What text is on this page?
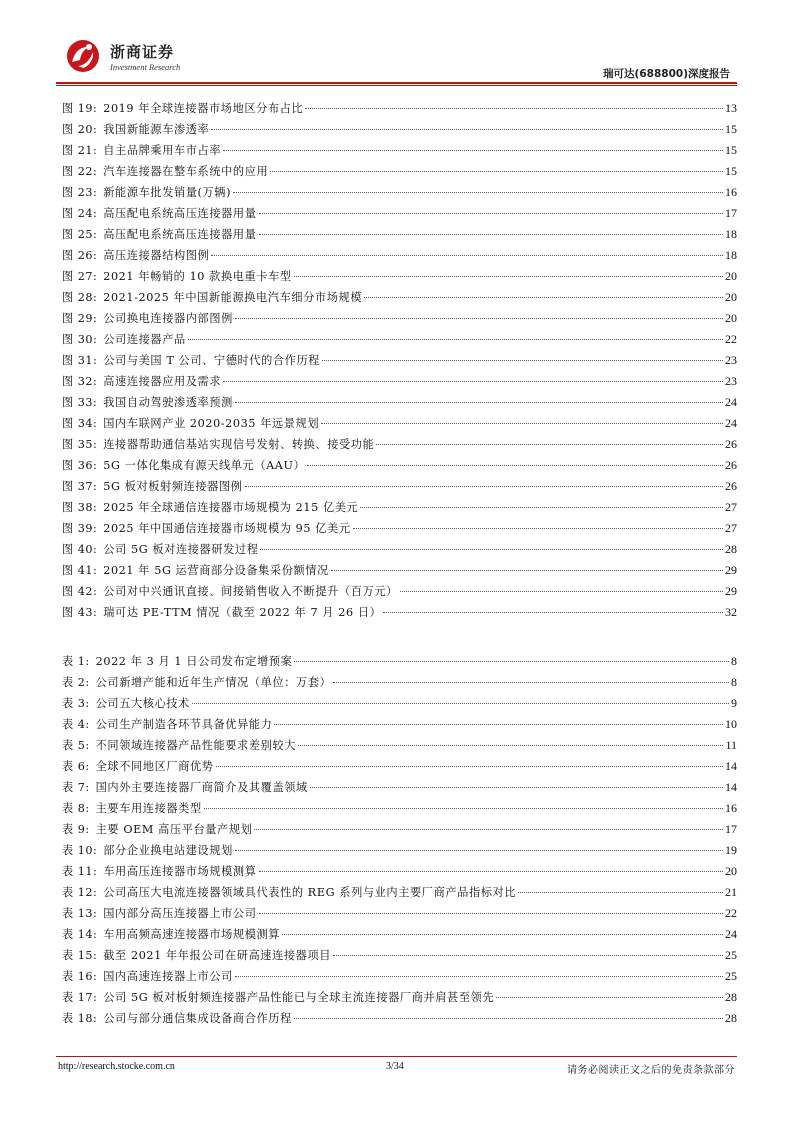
浙商证券
Investment Research
瑞可达(688800)深度报告
图 19: 2019 年全球连接器市场地区分布占比	13
图 20: 我国新能源车渗透率	15
图 21: 自主品牌乘用车市占率	15
图 22: 汽车连接器在整车系统中的应用	15
图 23: 新能源车批发销量(万辆)	16
图 24: 高压配电系统高压连接器用量	17
图 25: 高压配电系统高压连接器用量	18
图 26: 高压连接器结构图例	18
图 27: 2021 年畅销的 10 款换电重卡车型	20
图 28: 2021-2025 年中国新能源换电汽车细分市场规模	20
图 29: 公司换电连接器内部图例	20
图 30: 公司连接器产品	22
图 31: 公司与美国 T 公司、宁德时代的合作历程	23
图 32: 高速连接器应用及需求	23
图 33: 我国自动驾驶渗透率预测	24
图 34: 国内车联网产业 2020-2035 年远景规划	24
图 35: 连接器帮助通信基站实现信号发射、转换、接受功能	26
图 36: 5G 一体化集成有源天线单元（AAU）	26
图 37: 5G 板对板射频连接器图例	26
图 38: 2025 年全球通信连接器市场规模为 215 亿美元	27
图 39: 2025 年中国通信连接器市场规模为 95 亿美元	27
图 40: 公司 5G 板对连接器研发过程	28
图 41: 2021 年 5G 运营商部分设备集采份额情况	29
图 42: 公司对中兴通讯直接、间接销售收入不断提升（百万元）	29
图 43: 瑞可达 PE-TTM 情况（截至 2022 年 7 月 26 日）	32
表 1: 2022 年 3 月 1 日公司发布定增预案	8
表 2: 公司新增产能和近年生产情况（单位：万套）	8
表 3: 公司五大核心技术	9
表 4: 公司生产制造各环节具备优异能力	10
表 5: 不同领域连接器产品性能要求差别较大	11
表 6: 全球不同地区厂商优势	14
表 7: 国内外主要连接器厂商简介及其覆盖领域	14
表 8: 主要车用连接器类型	16
表 9: 主要 OEM 高压平台量产规划	17
表 10: 部分企业换电站建设规划	19
表 11: 车用高压连接器市场规模测算	20
表 12: 公司高压大电流连接器领域具代表性的 REG 系列与业内主要厂商产品指标对比	21
表 13: 国内部分高压连接器上市公司	22
表 14: 车用高频高速连接器市场规模测算	24
表 15: 截至 2021 年年报公司在研高速连接器项目	25
表 16: 国内高速连接器上市公司	25
表 17: 公司 5G 板对板射频连接器产品性能已与全球主流连接器厂商并肩甚至领先	28
表 18: 公司与部分通信集成设备商合作历程	28
http://research.stocke.com.cn	3/34	请务必阅读正文之后的免责条款部分
